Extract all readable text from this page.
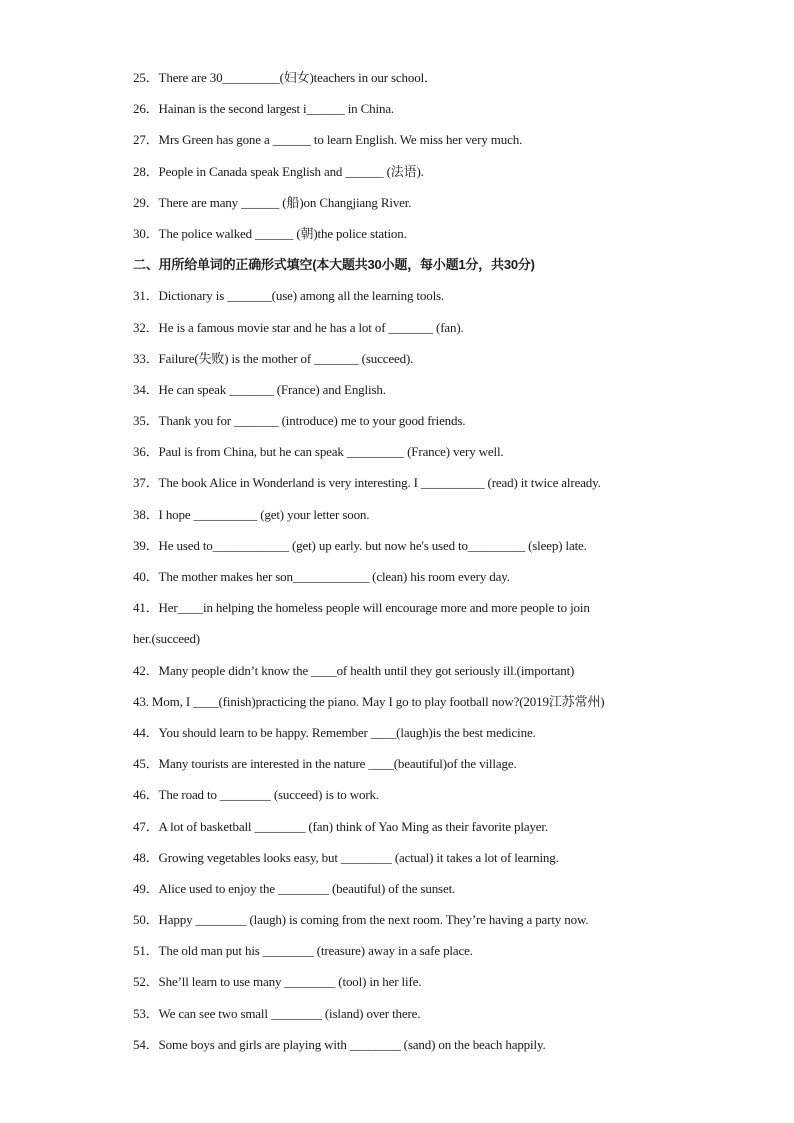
25．There are 30_________(妇女)teachers in our school．
26．Hainan is the second largest i______ in China.
27．Mrs Green has gone a ______ to learn English. We miss her very much.
28．People in Canada speak English and ______ (法语).
29．There are many ______ (船)on Changjiang River.
30．The police walked ______ (朝)the police station.
二、用所给单词的正确形式填空(本大题共30小题，每小题1分，共30分)
31．Dictionary is _______(use) among all the learning tools.
32．He is a famous movie star and he has a lot of _______ (fan).
33．Failure(失败) is the mother of _______ (succeed).
34．He can speak _______ (France) and English.
35．Thank you for _______ (introduce) me to your good friends.
36．Paul is from China, but he can speak _________ (France) very well.
37．The book Alice in Wonderland is very interesting. I __________ (read) it twice already.
38．I hope __________ (get) your letter soon.
39．He used to____________ (get) up early. but now he's used to_________ (sleep) late.
40．The mother makes her son____________ (clean) his room every day.
41．Her____in helping the homeless people will encourage more and more people to join
her.(succeed)
42．Many people didn’t know the ____of health until they got seriously ill.(important)
43. Mom, I ____(finish)practicing the piano. May I go to play football now?(2019江苏常州)
44．You should learn to be happy. Remember ____(laugh)is the best medicine.
45．Many tourists are interested in the nature ____(beautiful)of the village.
46．The road to ________ (succeed) is to work.
47．A lot of basketball ________ (fan) think of Yao Ming as their favorite player.
48．Growing vegetables looks easy, but ________ (actual) it takes a lot of learning.
49．Alice used to enjoy the ________ (beautiful) of the sunset.
50．Happy ________ (laugh) is coming from the next room. They’re having a party now.
51．The old man put his ________ (treasure) away in a safe place.
52．She’ll learn to use many ________ (tool) in her life.
53．We can see two small ________ (island) over there.
54．Some boys and girls are playing with ________ (sand) on the beach happily.
